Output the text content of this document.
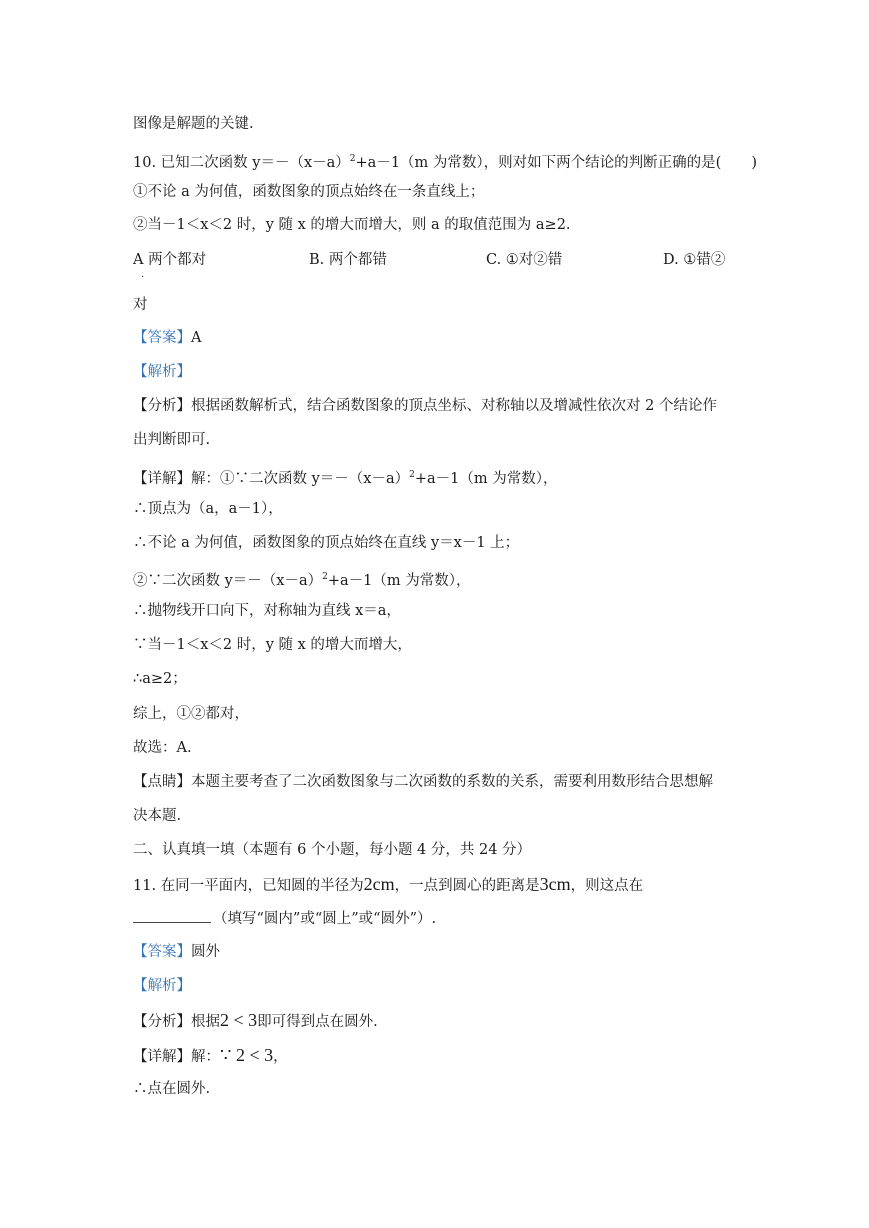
图像是解题的关键.
10. 已知二次函数 $y=-(x-a)^2+a-1(m$ 为常数），则对如下两个结论的判断正确的是( )
①不论 a 为何值，函数图象的顶点始终在一条直线上；
②当－1＜x＜2 时，y 随 x 的增大而增大，则 a 的取值范围为 a≥2.
A 两个都对
.
B. 两个都错	C. ①对②错	D. ①错②
对
【答案】A
【解析】
【分析】根据函数解析式，结合函数图象的顶点坐标、对称轴以及增减性依次对 2 个结论作
出判断即可.
【详解】解：①∵二次函数 $y=-(x-a)^2+a-1(m$ 为常数），
∴顶点为（a，a－1），
∴不论 a 为何值，函数图象的顶点始终在直线 y＝x－1 上；
②∵二次函数 $y=-(x-a)^2+a-1(m$ 为常数），
∴抛物线开口向下，对称轴为直线 x＝a，
∵当－1＜x＜2 时，y 随 x 的增大而增大，
∴a≥2；
综上，①②都对，
故选：A.
【点睛】本题主要考查了二次函数图象与二次函数的系数的关系，需要利用数形结合思想解
决本题.
二、认真填一填（本题有 6 个小题，每小题 4 分，共 24 分）
11. 在同一平面内，已知圆的半径为2cm，一点到圆心的距离是3cm，则这点在
（填写“圆内”或“圆上”或“圆外”）.
【答案】圆外
【解析】
【分析】根据2 < 3即可得到点在圆外.
【详解】解：∵ 2 < 3，
∴点在圆外.
